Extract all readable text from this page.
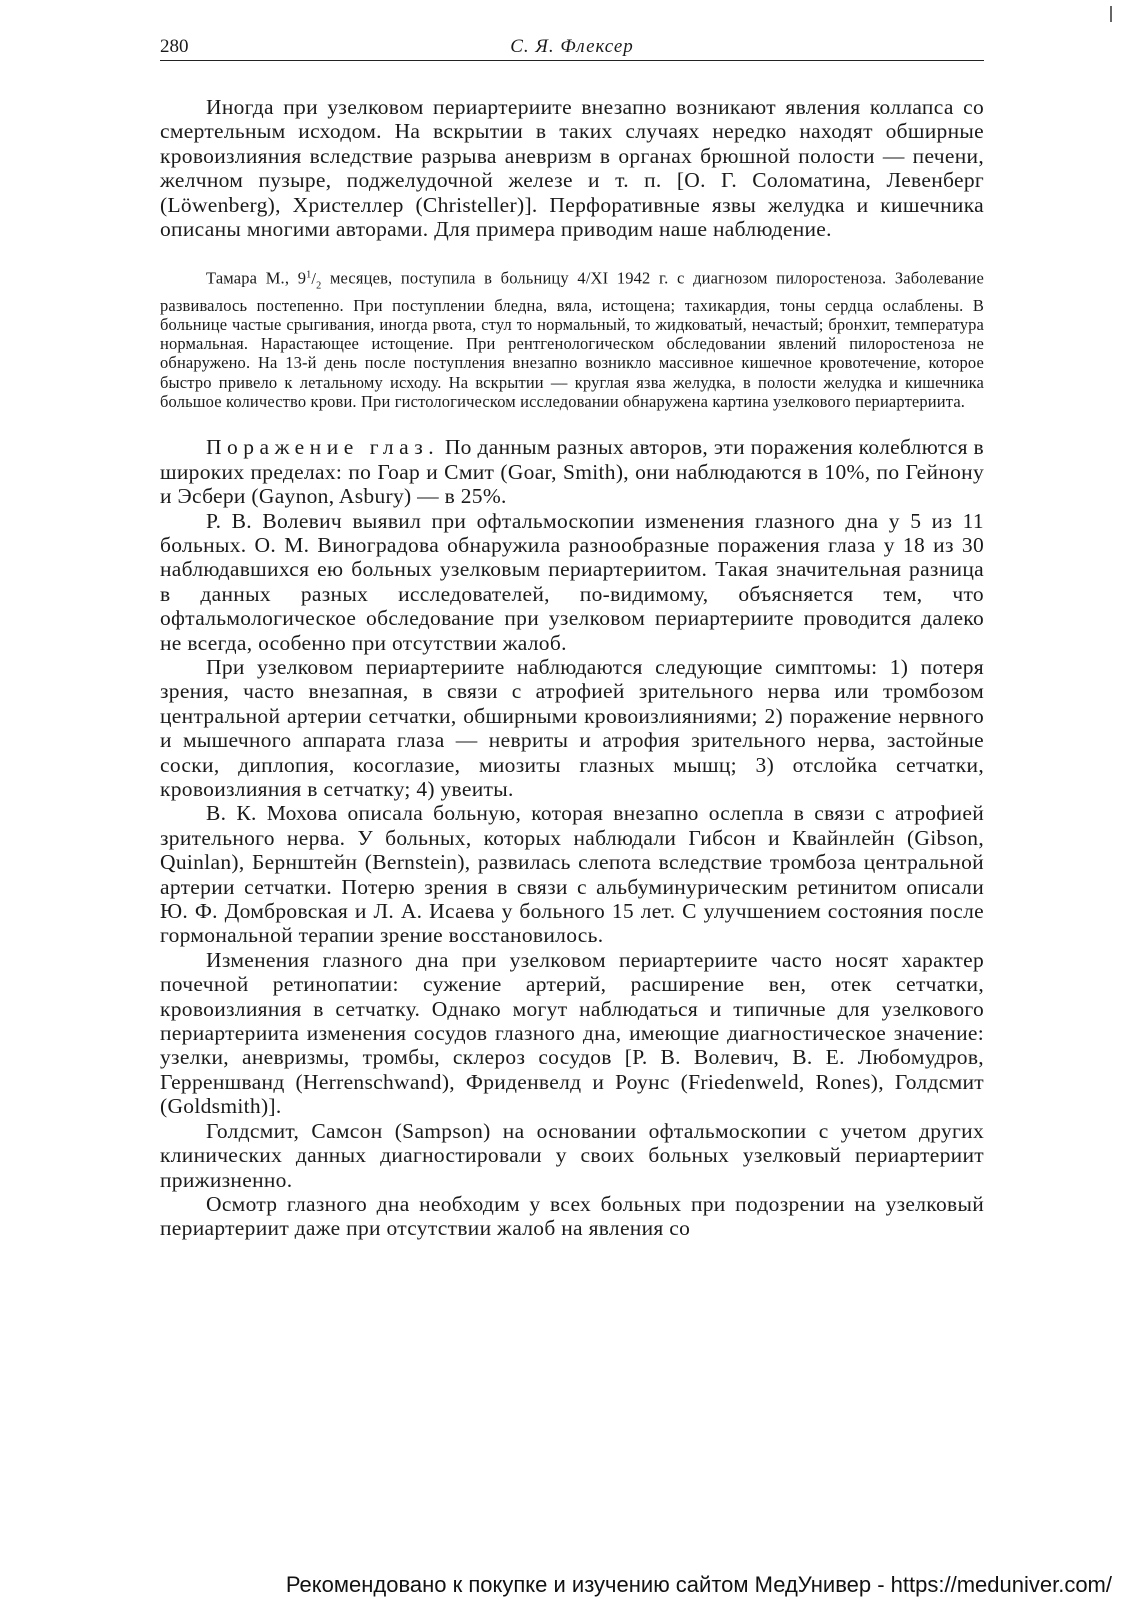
280	С. Я. Флексер

Иногда при узелковом периартериите внезапно возникают явления коллапса со смертельным исходом. На вскрытии в таких случаях нередко находят обширные кровоизлияния вследствие разрыва аневризм в органах брюшной полости — печени, желчном пузыре, поджелудочной железе и т. п. [О. Г. Соломатина, Левенберг (Löwenberg), Христеллер (Christeller)]. Перфоративные язвы желудка и кишечника описаны многими авторами. Для примера приводим наше наблюдение.

Тамара М., $9^1/_2$ месяцев, поступила в больницу 4/XI 1942 г. с диагнозом пилоростеноза. Заболевание развивалось постепенно. При поступлении бледна, вяла, истощена; тахикардия, тоны сердца ослаблены. В больнице частые срыгивания, иногда рвота, стул то нормальный, то жидковатый, нечастый; бронхит, температура нормальная. Нарастающее истощение. При рентгенологическом обследовании явлений пилоростеноза не обнаружено. На 13-й день после поступления внезапно возникло массивное кишечное кровотечение, которое быстро привело к летальному исходу. На вскрытии — круглая язва желудка, в полости желудка и кишечника большое количество крови. При гистологическом исследовании обнаружена картина узелкового периартериита.

Поражение глаз. По данным разных авторов, эти поражения колеблются в широких пределах: по Гоар и Смит (Goar, Smith), они наблюдаются в 10%, по Гейнону и Эсбери (Gaynon, Asbury) — в 25%.

Р. В. Волевич выявил при офтальмоскопии изменения глазного дна у 5 из 11 больных. О. М. Виноградова обнаружила разнообразные поражения глаза у 18 из 30 наблюдавшихся ею больных узелковым периартериитом. Такая значительная разница в данных разных исследователей, по-видимому, объясняется тем, что офтальмологическое обследование при узелковом периартериите проводится далеко не всегда, особенно при отсутствии жалоб.

При узелковом периартериите наблюдаются следующие симптомы: 1) потеря зрения, часто внезапная, в связи с атрофией зрительного нерва или тромбозом центральной артерии сетчатки, обширными кровоизлияниями; 2) поражение нервного и мышечного аппарата глаза — невриты и атрофия зрительного нерва, застойные соски, диплопия, косоглазие, миозиты глазных мышц; 3) отслойка сетчатки, кровоизлияния в сетчатку; 4) увеиты.

В. К. Мохова описала больную, которая внезапно ослепла в связи с атрофией зрительного нерва. У больных, которых наблюдали Гибсон и Квайнлейн (Gibson, Quinlan), Бернштейн (Bernstein), развилась слепота вследствие тромбоза центральной артерии сетчатки. Потерю зрения в связи с альбуминурическим ретинитом описали Ю. Ф. Домбровская и Л. А. Исаева у больного 15 лет. С улучшением состояния после гормональной терапии зрение восстановилось.

Изменения глазного дна при узелковом периартериите часто носят характер почечной ретинопатии: сужение артерий, расширение вен, отек сетчатки, кровоизлияния в сетчатку. Однако могут наблюдаться и типичные для узелкового периартериита изменения сосудов глазного дна, имеющие диагностическое значение: узелки, аневризмы, тромбы, склероз сосудов [Р. В. Волевич, В. Е. Любомудров, Герреншванд (Herrenschwand), Фриденвелд и Роунс (Friedenweld, Rones), Голдсмит (Goldsmith)].

Голдсмит, Самсон (Sampson) на основании офтальмоскопии с учетом других клинических данных диагностировали у своих больных узелковый периартериит прижизненно.

Осмотр глазного дна необходим у всех больных при подозрении на узелковый периартериит даже при отсутствии жалоб на явления со

Рекомендовано к покупке и изучению сайтом МедУнивер - https://meduniver.com/
